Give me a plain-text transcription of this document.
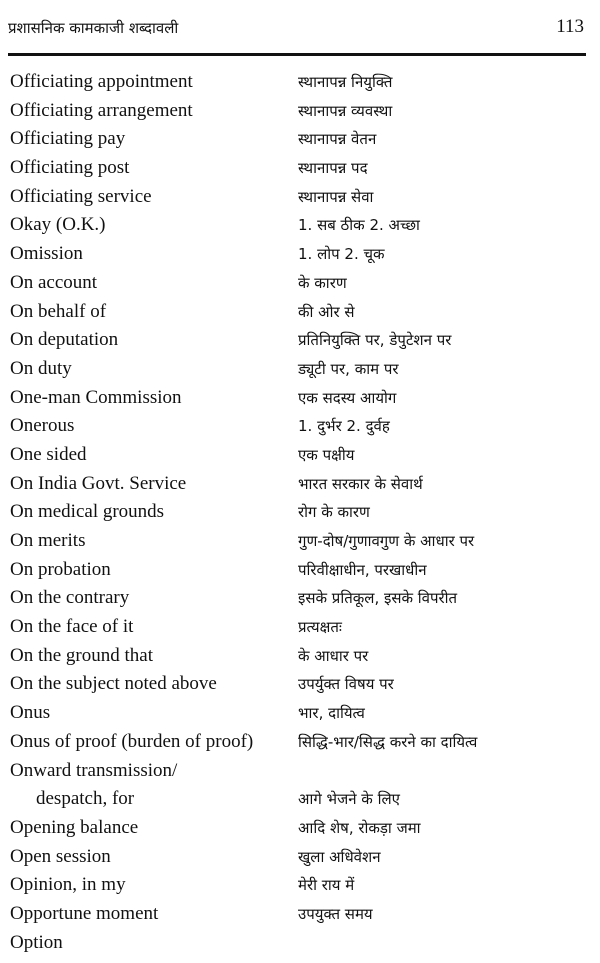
प्रशासनिक कामकाजी शब्दावली	113
Officiating appointment	स्थानापन्न नियुक्ति
Officiating arrangement	स्थानापन्न व्यवस्था
Officiating pay	स्थानापन्न वेतन
Officiating post	स्थानापन्न पद
Officiating service	स्थानापन्न सेवा
Okay (O.K.)	1. सब ठीक 2. अच्छा
Omission	1. लोप 2. चूक
On account	के कारण
On behalf of	की ओर से
On deputation	प्रतिनियुक्ति पर, डेपुटेशन पर
On duty	ड्यूटी पर, काम पर
One-man Commission	एक सदस्य आयोग
Onerous	1. दुर्भर 2. दुर्वह
One sided	एक पक्षीय
On India Govt. Service	भारत सरकार के सेवार्थ
On medical grounds	रोग के कारण
On merits	गुण-दोष/गुणावगुण के आधार पर
On probation	परिवीक्षाधीन, परखाधीन
On the contrary	इसके प्रतिकूल, इसके विपरीत
On the face of it	प्रत्यक्षतः
On the ground that	के आधार पर
On the subject noted above	उपर्युक्त विषय पर
Onus	भार, दायित्व
Onus of proof (burden of proof)	सिद्धि-भार/सिद्ध करने का दायित्व
Onward transmission/
despatch, for	आगे भेजने के लिए
Opening balance	आदि शेष, रोकड़ा जमा
Open session	खुला अधिवेशन
Opinion, in my	मेरी राय में
Opportune moment	उपयुक्त समय
Option
